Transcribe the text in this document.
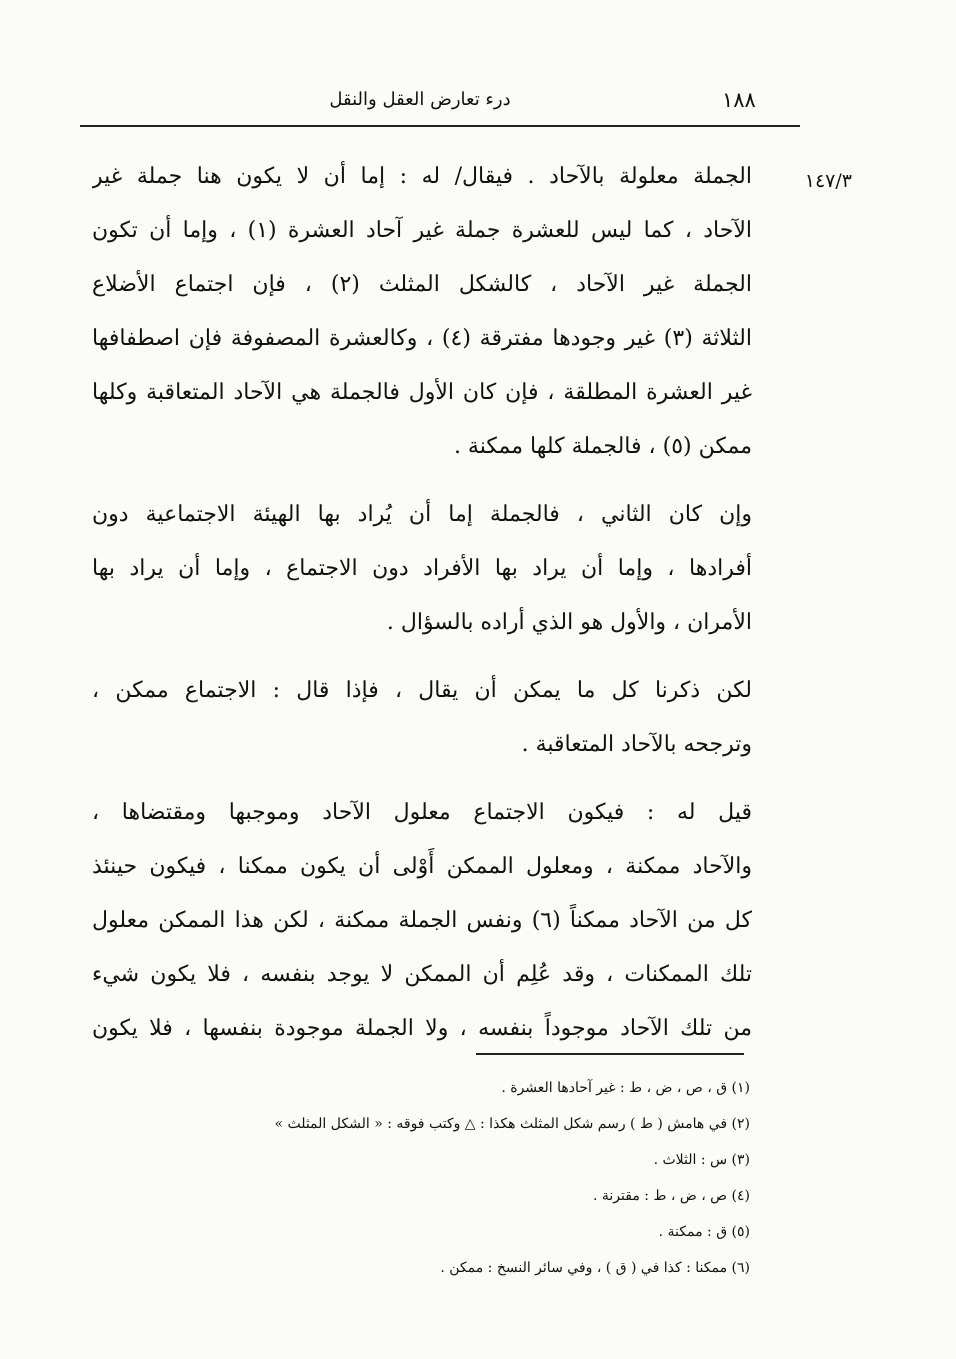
١٨٨
درء تعارض العقل والنقل
١٤٧/٣
الجملة معلولة بالآحاد . فيقال/ له : إما أن لا يكون هنا جملة غير
الآحاد ، كما ليس للعشرة جملة غير آحاد العشرة (١) ، وإما أن تكون
الجملة غير الآحاد ، كالشكل المثلث (٢) ، فإن اجتماع الأضلاع
الثلاثة (٣) غير وجودها مفترقة (٤) ، وكالعشرة المصفوفة فإن اصطفافها
غير العشرة المطلقة ، فإن كان الأول فالجملة هي الآحاد المتعاقبة وكلها
ممكن (٥) ، فالجملة كلها ممكنة .
وإن كان الثاني ، فالجملة إما أن يُراد بها الهيئة الاجتماعية دون
أفرادها ، وإما أن يراد بها الأفراد دون الاجتماع ، وإما أن يراد بها
الأمران ، والأول هو الذي أراده بالسؤال .
لكن ذكرنا كل ما يمكن أن يقال ، فإذا قال : الاجتماع ممكن ،
وترجحه بالآحاد المتعاقبة .
قيل له : فيكون الاجتماع معلول الآحاد وموجبها ومقتضاها ،
والآحاد ممكنة ، ومعلول الممكن أَوْلى أن يكون ممكنا ، فيكون حينئذ
كل من الآحاد ممكناً (٦) ونفس الجملة ممكنة ، لكن هذا الممكن معلول
تلك الممكنات ، وقد عُلِم أن الممكن لا يوجد بنفسه ، فلا يكون شيء
من تلك الآحاد موجوداً بنفسه ، ولا الجملة موجودة بنفسها ، فلا يكون
(١) ق ، ص ، ض ، ط : غير آحادها العشرة .
(٢) في هامش ( ط ) رسم شكل المثلث هكذا : △ وكتب فوقه : « الشكل المثلث »
(٣) س : الثلاث .
(٤) ص ، ض ، ط : مقترنة .
(٥) ق : ممكنة .
(٦) ممكنا : كذا في ( ق ) ، وفي سائر النسخ : ممكن .
